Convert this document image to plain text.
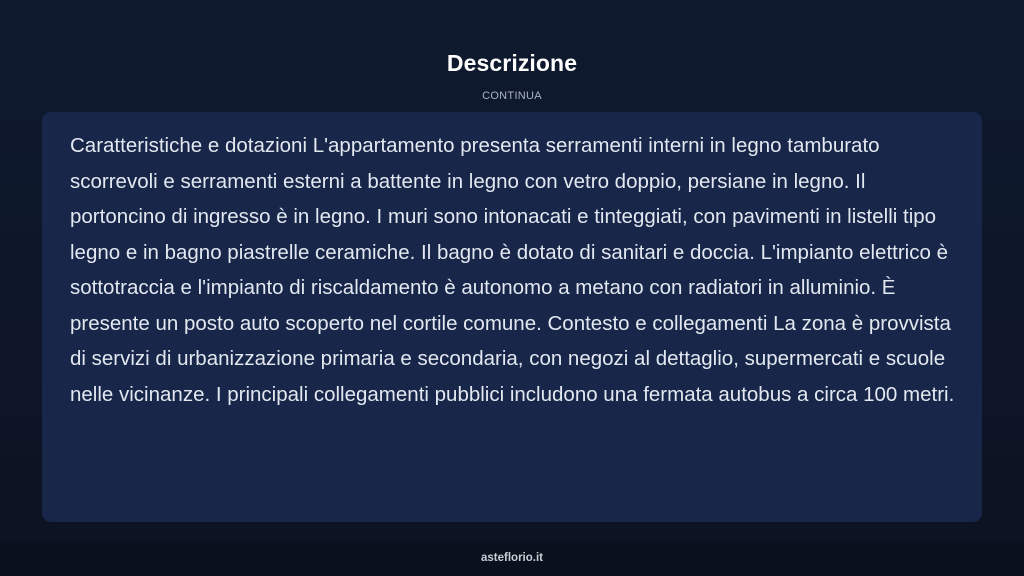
Descrizione
CONTINUA

Caratteristiche e dotazioni L'appartamento presenta serramenti interni in legno tamburato scorrevoli e serramenti esterni a battente in legno con vetro doppio, persiane in legno. Il portoncino di ingresso è in legno. I muri sono intonacati e tinteggiati, con pavimenti in listelli tipo legno e in bagno piastrelle ceramiche. Il bagno è dotato di sanitari e doccia. L'impianto elettrico è sottotraccia e l'impianto di riscaldamento è autonomo a metano con radiatori in alluminio. È presente un posto auto scoperto nel cortile comune. Contesto e collegamenti La zona è provvista di servizi di urbanizzazione primaria e secondaria, con negozi al dettaglio, supermercati e scuole nelle vicinanze. I principali collegamenti pubblici includono una fermata autobus a circa 100 metri.

asteflorio.it
